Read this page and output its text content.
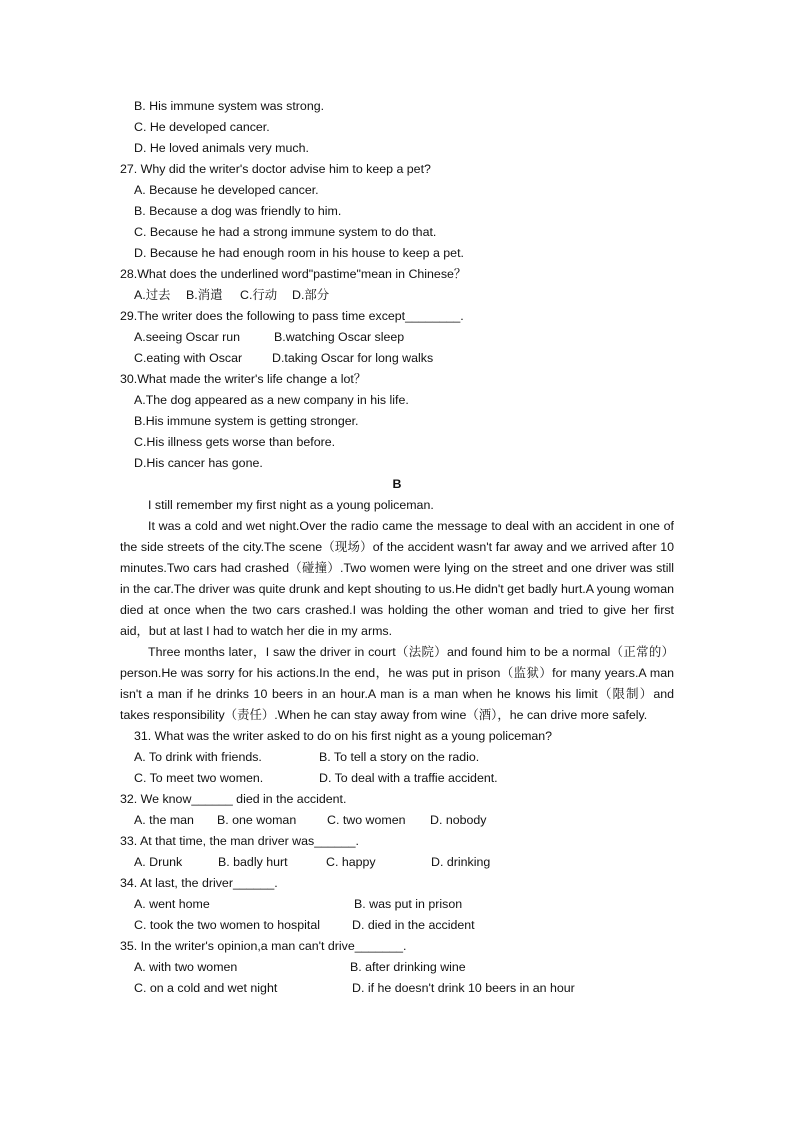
B. His immune system was strong.
C. He developed cancer.
D. He loved animals very much.
27. Why did the writer's doctor advise him to keep a pet?
A. Because he developed cancer.
B. Because a dog was friendly to him.
C. Because he had a strong immune system to do that.
D. Because he had enough room in his house to keep a pet.
28.What does the underlined word"pastime"mean in Chinese？
A.过去	B.消遣	C.行动	D.部分
29.The writer does the following to pass time except________.
A.seeing Oscar run	B.watching Oscar sleep
C.eating with Oscar	D.taking Oscar for long walks
30.What made the writer's life change a lot？
A.The dog appeared as a new company in his life.
B.His immune system is getting stronger.
C.His illness gets worse than before.
D.His cancer has gone.
B
I still remember my first night as a young policeman.
It was a cold and wet night.Over the radio came the message to deal with an accident in one of the side streets of the city.The scene（现场）of the accident wasn't far away and we arrived after 10 minutes.Two cars had crashed（碰撞）.Two women were lying on the street and one driver was still in the car.The driver was quite drunk and kept shouting to us.He didn't get badly hurt.A young woman died at once when the two cars crashed.I was holding the other woman and tried to give her first aid，but at last I had to watch her die in my arms.
Three months later，I saw the driver in court（法院）and found him to be a normal（正常的）person.He was sorry for his actions.In the end，he was put in prison（监狱）for many years.A man isn't a man if he drinks 10 beers in an hour.A man is a man when he knows his limit（限制）and takes responsibility（责任）.When he can stay away from wine（酒），he can drive more safely.
31. What was the writer asked to do on his first night as a young policeman?
A. To drink with friends.	B. To tell a story on the radio.
C. To meet two women.	D. To deal with a traffie accident.
32. We know______ died in the accident.
A. the man	B. one woman	C. two women	D. nobody
33. At that time, the man driver was______.
A. Drunk	B. badly hurt	C. happy	D. drinking
34. At last, the driver______.
A. went home	B. was put in prison
C. took the two women to hospital	D. died in the accident
35. In the writer's opinion,a man can't drive_______.
A. with two women	B. after drinking wine
C. on a cold and wet night	D. if he doesn't drink 10 beers in an hour
